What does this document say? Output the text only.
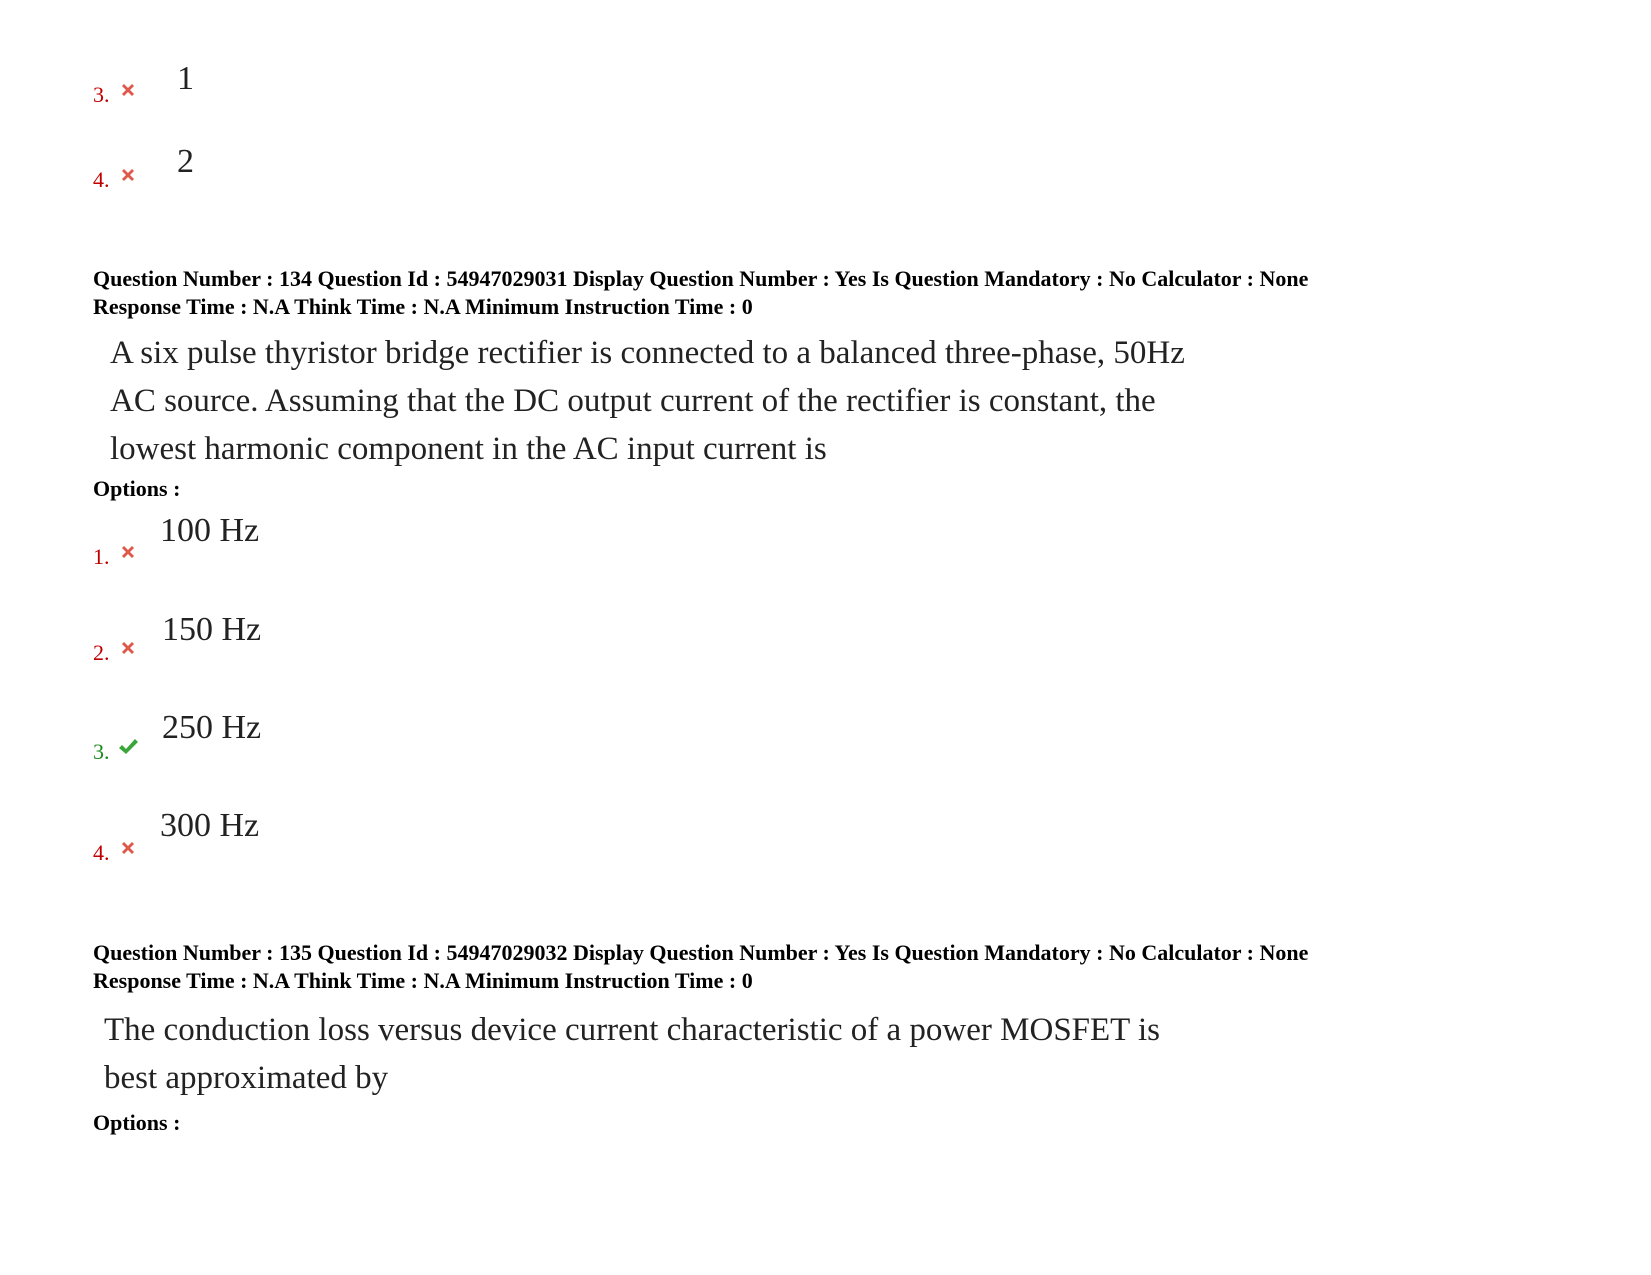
3. 1
4. 2
Question Number : 134 Question Id : 54947029031 Display Question Number : Yes Is Question Mandatory : No Calculator : None
Response Time : N.A Think Time : N.A Minimum Instruction Time : 0
A six pulse thyristor bridge rectifier is connected to a balanced three-phase, 50Hz
AC source. Assuming that the DC output current of the rectifier is constant, the
lowest harmonic component in the AC input current is
Options :
1.
100 Hz
2.
150 Hz
3.
250 Hz
4.
300 Hz
Question Number : 135 Question Id : 54947029032 Display Question Number : Yes Is Question Mandatory : No Calculator : None
Response Time : N.A Think Time : N.A Minimum Instruction Time : 0
The conduction loss versus device current characteristic of a power MOSFET is
best approximated by
Options :
